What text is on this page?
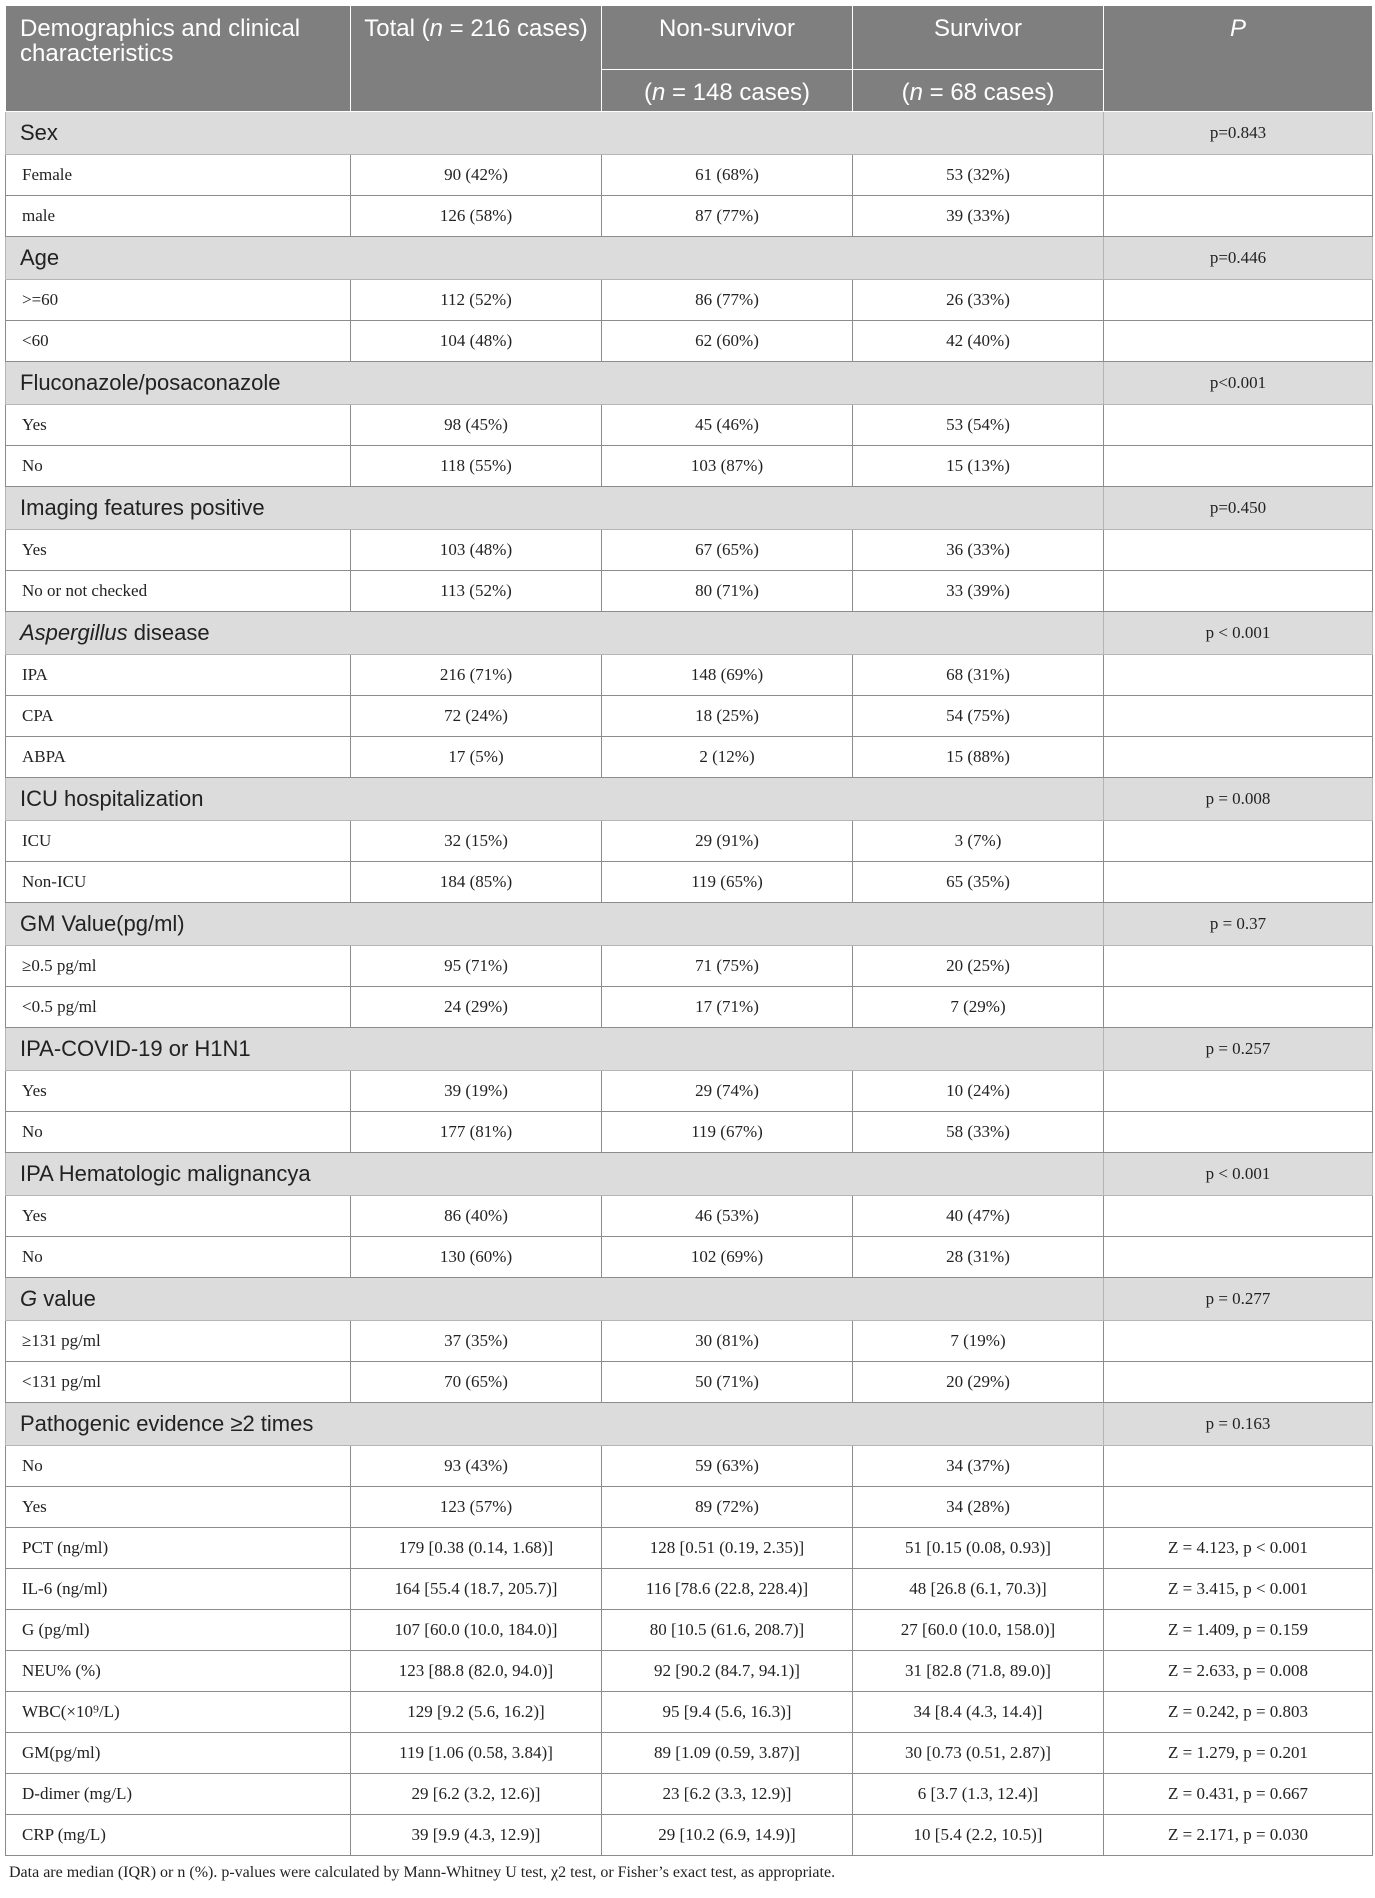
Demographics and clinical characteristics	Total (n = 216 cases)	Non-survivor	Survivor	P
		(n = 148 cases)	(n = 68 cases)	
Sex				p=0.843
Female	90 (42%)	61 (68%)	53 (32%)	
male	126 (58%)	87 (77%)	39 (33%)	
Age				p=0.446
>=60	112 (52%)	86 (77%)	26 (33%)	
<60	104 (48%)	62 (60%)	42 (40%)	
Fluconazole/posaconazole				p<0.001
Yes	98 (45%)	45 (46%)	53 (54%)	
No	118 (55%)	103 (87%)	15 (13%)	
Imaging features positive				p=0.450
Yes	103 (48%)	67 (65%)	36 (33%)	
No or not checked	113 (52%)	80 (71%)	33 (39%)	
Aspergillus disease				p < 0.001
IPA	216 (71%)	148 (69%)	68 (31%)	
CPA	72 (24%)	18 (25%)	54 (75%)	
ABPA	17 (5%)	2 (12%)	15 (88%)	
ICU hospitalization				p = 0.008
ICU	32 (15%)	29 (91%)	3 (7%)	
Non-ICU	184 (85%)	119 (65%)	65 (35%)	
GM Value(pg/ml)				p = 0.37
≥0.5 pg/ml	95 (71%)	71 (75%)	20 (25%)	
<0.5 pg/ml	24 (29%)	17 (71%)	7 (29%)	
IPA-COVID-19 or H1N1				p = 0.257
Yes	39 (19%)	29 (74%)	10 (24%)	
No	177 (81%)	119 (67%)	58 (33%)	
IPA Hematologic malignancya				p < 0.001
Yes	86 (40%)	46 (53%)	40 (47%)	
No	130 (60%)	102 (69%)	28 (31%)	
G value				p = 0.277
≥131 pg/ml	37 (35%)	30 (81%)	7 (19%)	
<131 pg/ml	70 (65%)	50 (71%)	20 (29%)	
Pathogenic evidence ≥2 times				p = 0.163
No	93 (43%)	59 (63%)	34 (37%)	
Yes	123 (57%)	89 (72%)	34 (28%)	
PCT (ng/ml)	179 [0.38 (0.14, 1.68)]	128 [0.51 (0.19, 2.35)]	51 [0.15 (0.08, 0.93)]	Z = 4.123, p < 0.001
IL-6 (ng/ml)	164 [55.4 (18.7, 205.7)]	116 [78.6 (22.8, 228.4)]	48 [26.8 (6.1, 70.3)]	Z = 3.415, p < 0.001
G (pg/ml)	107 [60.0 (10.0, 184.0)]	80 [10.5 (61.6, 208.7)]	27 [60.0 (10.0, 158.0)]	Z = 1.409, p = 0.159
NEU% (%)	123 [88.8 (82.0, 94.0)]	92 [90.2 (84.7, 94.1)]	31 [82.8 (71.8, 89.0)]	Z = 2.633, p = 0.008
WBC(×10⁹/L)	129 [9.2 (5.6, 16.2)]	95 [9.4 (5.6, 16.3)]	34 [8.4 (4.3, 14.4)]	Z = 0.242, p = 0.803
GM(pg/ml)	119 [1.06 (0.58, 3.84)]	89 [1.09 (0.59, 3.87)]	30 [0.73 (0.51, 2.87)]	Z = 1.279, p = 0.201
D-dimer (mg/L)	29 [6.2 (3.2, 12.6)]	23 [6.2 (3.3, 12.9)]	6 [3.7 (1.3, 12.4)]	Z = 0.431, p = 0.667
CRP (mg/L)	39 [9.9 (4.3, 12.9)]	29 [10.2 (6.9, 14.9)]	10 [5.4 (2.2, 10.5)]	Z = 2.171, p = 0.030
Data are median (IQR) or n (%). p-values were calculated by Mann-Whitney U test, χ2 test, or Fisher’s exact test, as appropriate.
